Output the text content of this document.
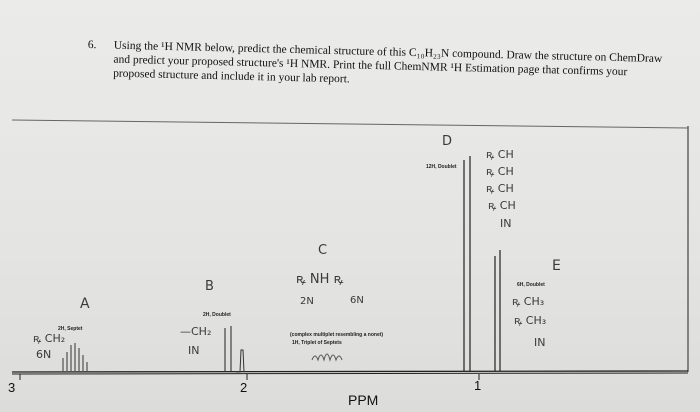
6. Using the ¹H NMR below, predict the chemical structure of this C₁₀H₂₃N compound. Draw the structure on ChemDraw and predict your proposed structure's ¹H NMR. Print the full ChemNMR ¹H Estimation page that confirms your proposed structure and include it in your lab report.
3	2	1
PPM
A
2H, Septet
ꝶ CH₂
6N
B
2H, Doublet
—CH₂
IN
C
ꝶ NH ꝶ
2N	6N
(complex multiplet resembling a nonet)
1H, Triplet of Septets
D
12H, Doublet
ꝶ CH
ꝶ CH
ꝶ CH
ꝶ CH
IN
E
6H, Doublet
ꝶ CH₃
ꝶ CH₃
IN
